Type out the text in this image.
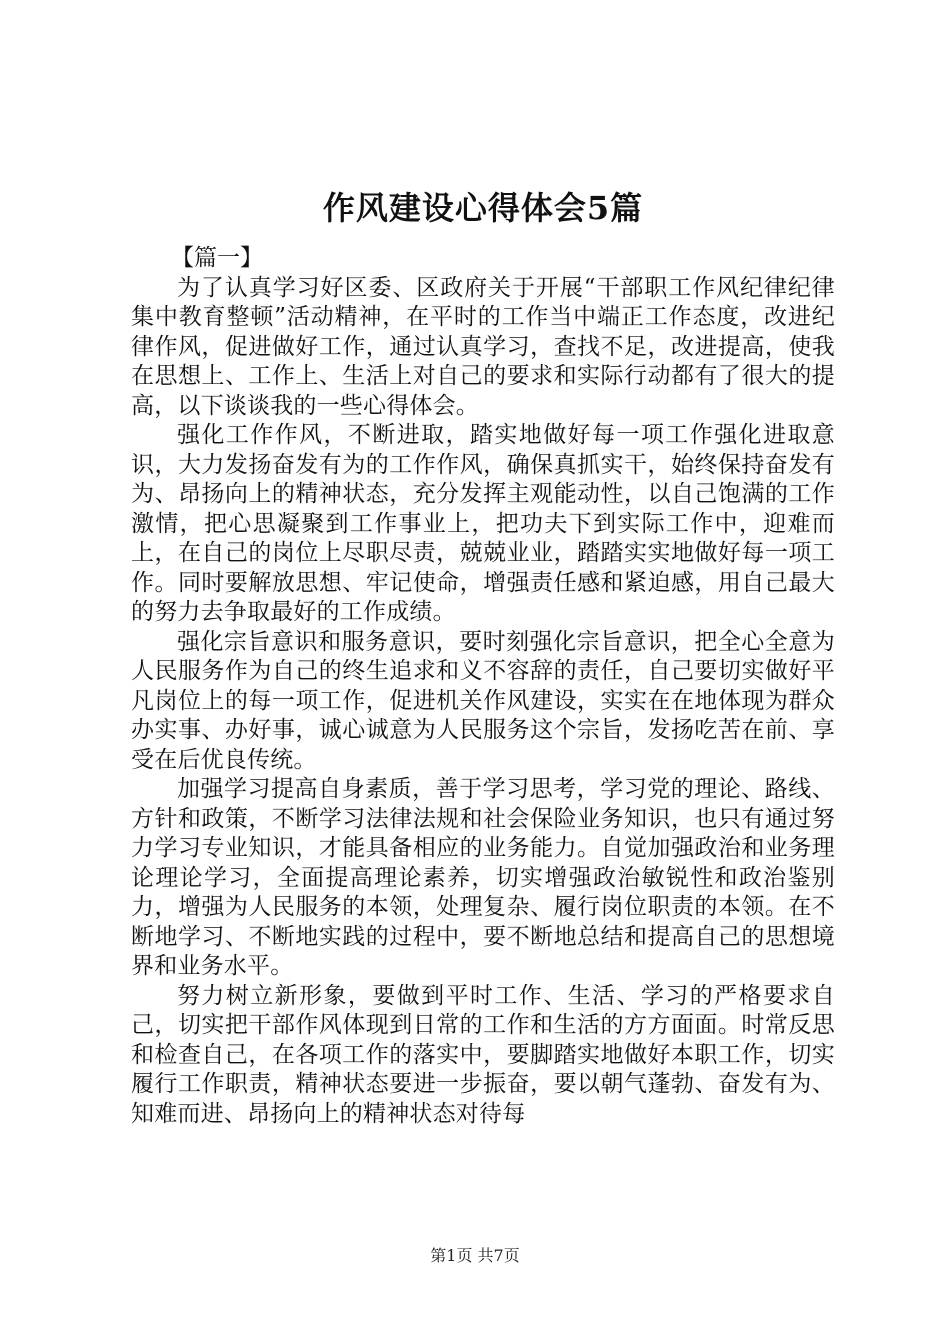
作风建设心得体会5篇

【篇一】

为了认真学习好区委、区政府关于开展“干部职工作风纪律纪律集中教育整顿”活动精神，在平时的工作当中端正工作态度，改进纪律作风，促进做好工作，通过认真学习，查找不足，改进提高，使我在思想上、工作上、生活上对自己的要求和实际行动都有了很大的提高，以下谈谈我的一些心得体会。

强化工作作风，不断进取，踏实地做好每一项工作强化进取意识，大力发扬奋发有为的工作作风，确保真抓实干，始终保持奋发有为、昂扬向上的精神状态，充分发挥主观能动性，以自己饱满的工作激情，把心思凝聚到工作事业上，把功夫下到实际工作中，迎难而上，在自己的岗位上尽职尽责，兢兢业业，踏踏实实地做好每一项工作。同时要解放思想、牢记使命，增强责任感和紧迫感，用自己最大的努力去争取最好的工作成绩。

强化宗旨意识和服务意识，要时刻强化宗旨意识，把全心全意为人民服务作为自己的终生追求和义不容辞的责任，自己要切实做好平凡岗位上的每一项工作，促进机关作风建设，实实在在地体现为群众办实事、办好事，诚心诚意为人民服务这个宗旨，发扬吃苦在前、享受在后优良传统。

加强学习提高自身素质，善于学习思考，学习党的理论、路线、方针和政策，不断学习法律法规和社会保险业务知识，也只有通过努力学习专业知识，才能具备相应的业务能力。自觉加强政治和业务理论理论学习，全面提高理论素养，切实增强政治敏锐性和政治鉴别力，增强为人民服务的本领，处理复杂、履行岗位职责的本领。在不断地学习、不断地实践的过程中，要不断地总结和提高自己的思想境界和业务水平。

努力树立新形象，要做到平时工作、生活、学习的严格要求自己，切实把干部作风体现到日常的工作和生活的方方面面。时常反思和检查自己，在各项工作的落实中，要脚踏实地做好本职工作，切实履行工作职责，精神状态要进一步振奋，要以朝气蓬勃、奋发有为、知难而进、昂扬向上的精神状态对待每

第1页 共7页
